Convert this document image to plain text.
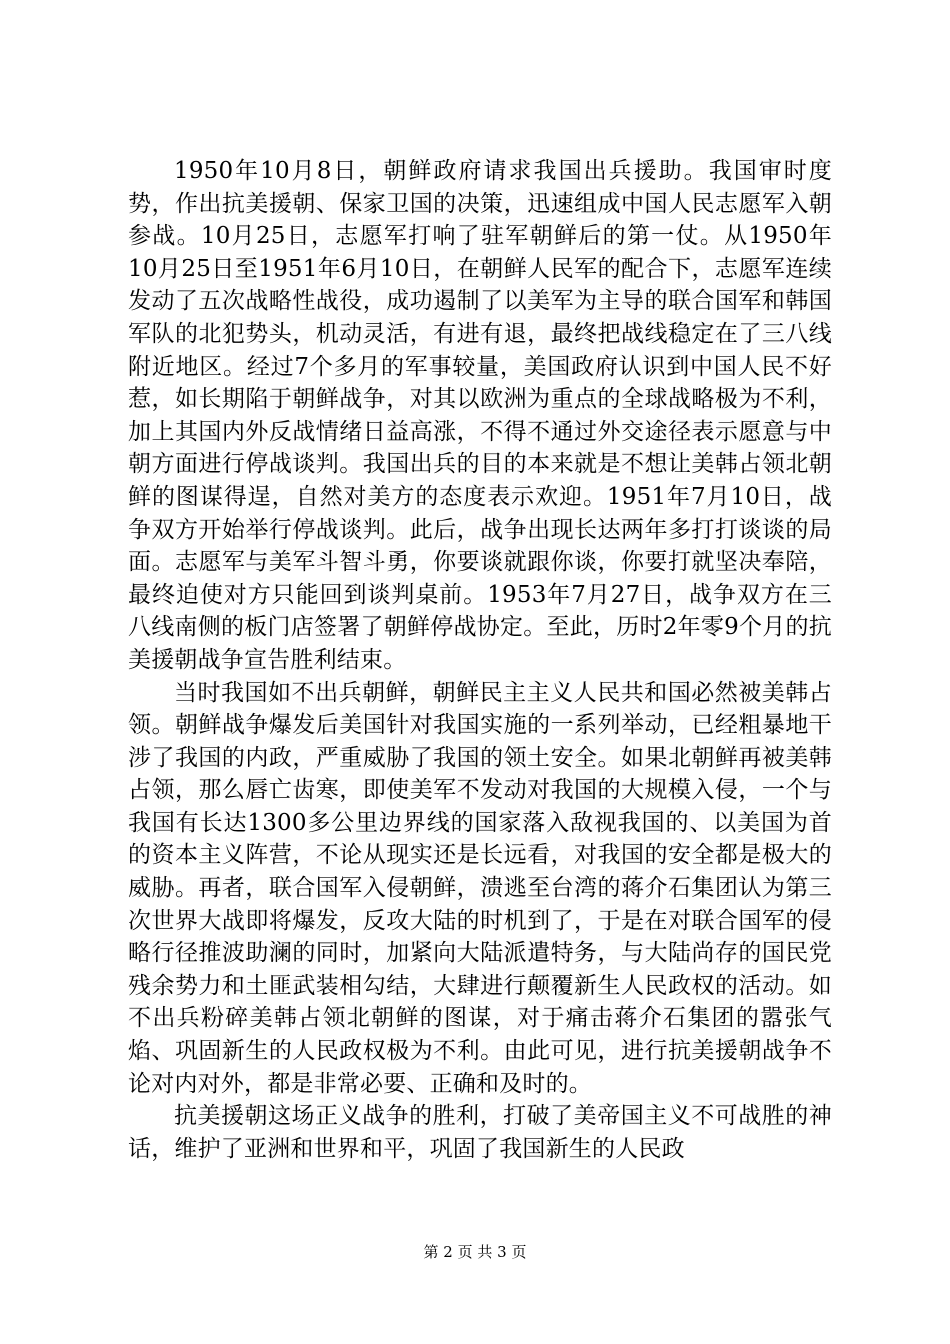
1950年10月8日，朝鲜政府请求我国出兵援助。我国审时度势，作出抗美援朝、保家卫国的决策，迅速组成中国人民志愿军入朝参战。10月25日，志愿军打响了驻军朝鲜后的第一仗。从1950年10月25日至1951年6月10日，在朝鲜人民军的配合下，志愿军连续发动了五次战略性战役，成功遏制了以美军为主导的联合国军和韩国军队的北犯势头，机动灵活，有进有退，最终把战线稳定在了三八线附近地区。经过7个多月的军事较量，美国政府认识到中国人民不好惹，如长期陷于朝鲜战争，对其以欧洲为重点的全球战略极为不利，加上其国内外反战情绪日益高涨，不得不通过外交途径表示愿意与中朝方面进行停战谈判。我国出兵的目的本来就是不想让美韩占领北朝鲜的图谋得逞，自然对美方的态度表示欢迎。1951年7月10日，战争双方开始举行停战谈判。此后，战争出现长达两年多打打谈谈的局面。志愿军与美军斗智斗勇，你要谈就跟你谈，你要打就坚决奉陪，最终迫使对方只能回到谈判桌前。1953年7月27日，战争双方在三八线南侧的板门店签署了朝鲜停战协定。至此，历时2年零9个月的抗美援朝战争宣告胜利结束。

当时我国如不出兵朝鲜，朝鲜民主主义人民共和国必然被美韩占领。朝鲜战争爆发后美国针对我国实施的一系列举动，已经粗暴地干涉了我国的内政，严重威胁了我国的领土安全。如果北朝鲜再被美韩占领，那么唇亡齿寒，即使美军不发动对我国的大规模入侵，一个与我国有长达1300多公里边界线的国家落入敌视我国的、以美国为首的资本主义阵营，不论从现实还是长远看，对我国的安全都是极大的威胁。再者，联合国军入侵朝鲜，溃逃至台湾的蒋介石集团认为第三次世界大战即将爆发，反攻大陆的时机到了，于是在对联合国军的侵略行径推波助澜的同时，加紧向大陆派遣特务，与大陆尚存的国民党残余势力和土匪武装相勾结，大肆进行颠覆新生人民政权的活动。如不出兵粉碎美韩占领北朝鲜的图谋，对于痛击蒋介石集团的嚣张气焰、巩固新生的人民政权极为不利。由此可见，进行抗美援朝战争不论对内对外，都是非常必要、正确和及时的。

抗美援朝这场正义战争的胜利，打破了美帝国主义不可战胜的神话，维护了亚洲和世界和平，巩固了我国新生的人民政

第 2 页 共 3 页
